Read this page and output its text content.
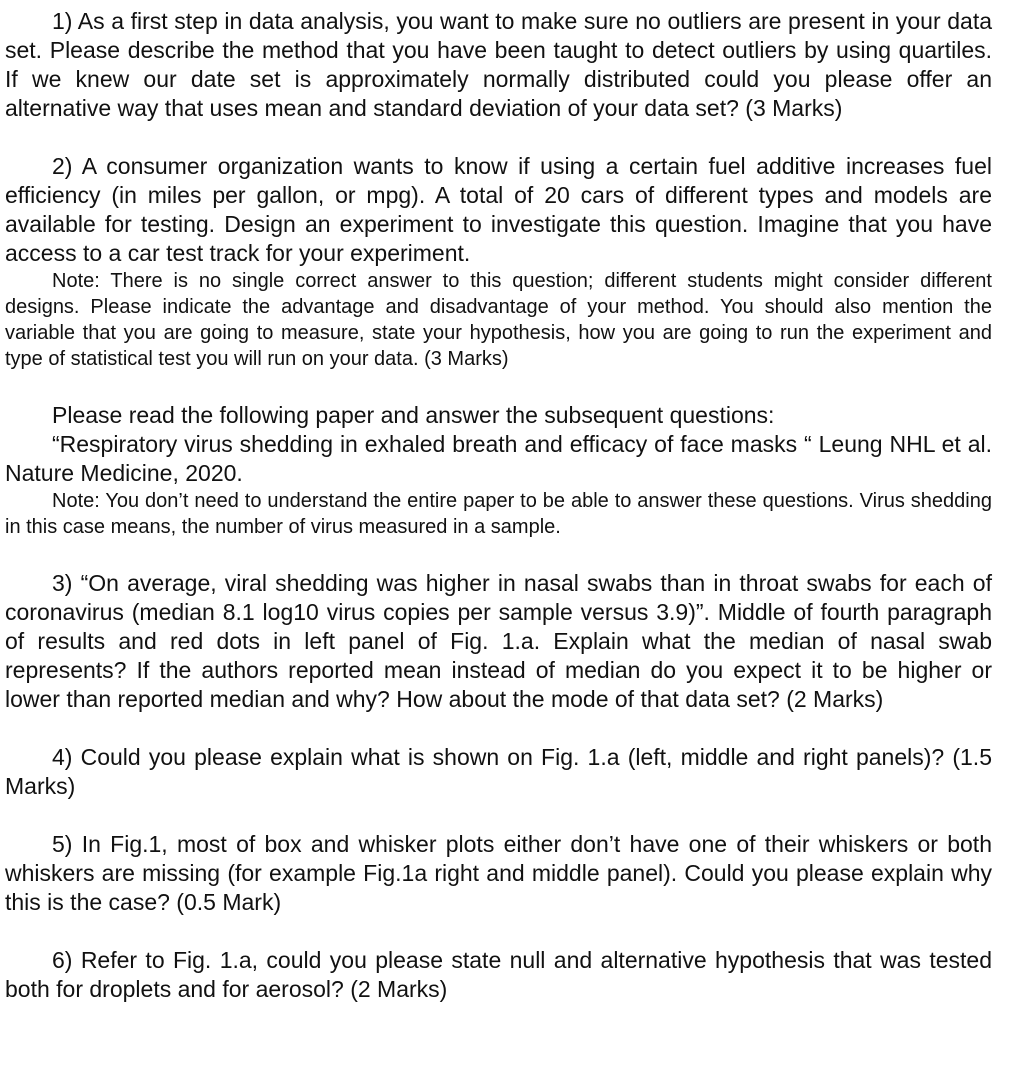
1) As a first step in data analysis, you want to make sure no outliers are present in your data set. Please describe the method that you have been taught to detect outliers by using quartiles. If we knew our date set is approximately normally distributed could you please offer an alternative way that uses mean and standard deviation of your data set? (3 Marks)

2) A consumer organization wants to know if using a certain fuel additive increases fuel efficiency (in miles per gallon, or mpg). A total of 20 cars of different types and models are available for testing. Design an experiment to investigate this question. Imagine that you have access to a car test track for your experiment.

Note: There is no single correct answer to this question; different students might consider different designs. Please indicate the advantage and disadvantage of your method. You should also mention the variable that you are going to measure, state your hypothesis, how you are going to run the experiment and type of statistical test you will run on your data. (3 Marks)

Please read the following paper and answer the subsequent questions:

“Respiratory virus shedding in exhaled breath and efficacy of face masks “ Leung NHL et al. Nature Medicine, 2020.

Note: You don’t need to understand the entire paper to be able to answer these questions. Virus shedding in this case means, the number of virus measured in a sample.

3) “On average, viral shedding was higher in nasal swabs than in throat swabs for each of coronavirus (median 8.1 log10 virus copies per sample versus 3.9)”. Middle of fourth paragraph of results and red dots in left panel of Fig. 1.a. Explain what the median of nasal swab represents? If the authors reported mean instead of median do you expect it to be higher or lower than reported median and why? How about the mode of that data set? (2 Marks)

4) Could you please explain what is shown on Fig. 1.a (left, middle and right panels)? (1.5 Marks)

5) In Fig.1, most of box and whisker plots either don’t have one of their whiskers or both whiskers are missing (for example Fig.1a right and middle panel). Could you please explain why this is the case? (0.5 Mark)

6) Refer to Fig. 1.a, could you please state null and alternative hypothesis that was tested both for droplets and for aerosol? (2 Marks)
